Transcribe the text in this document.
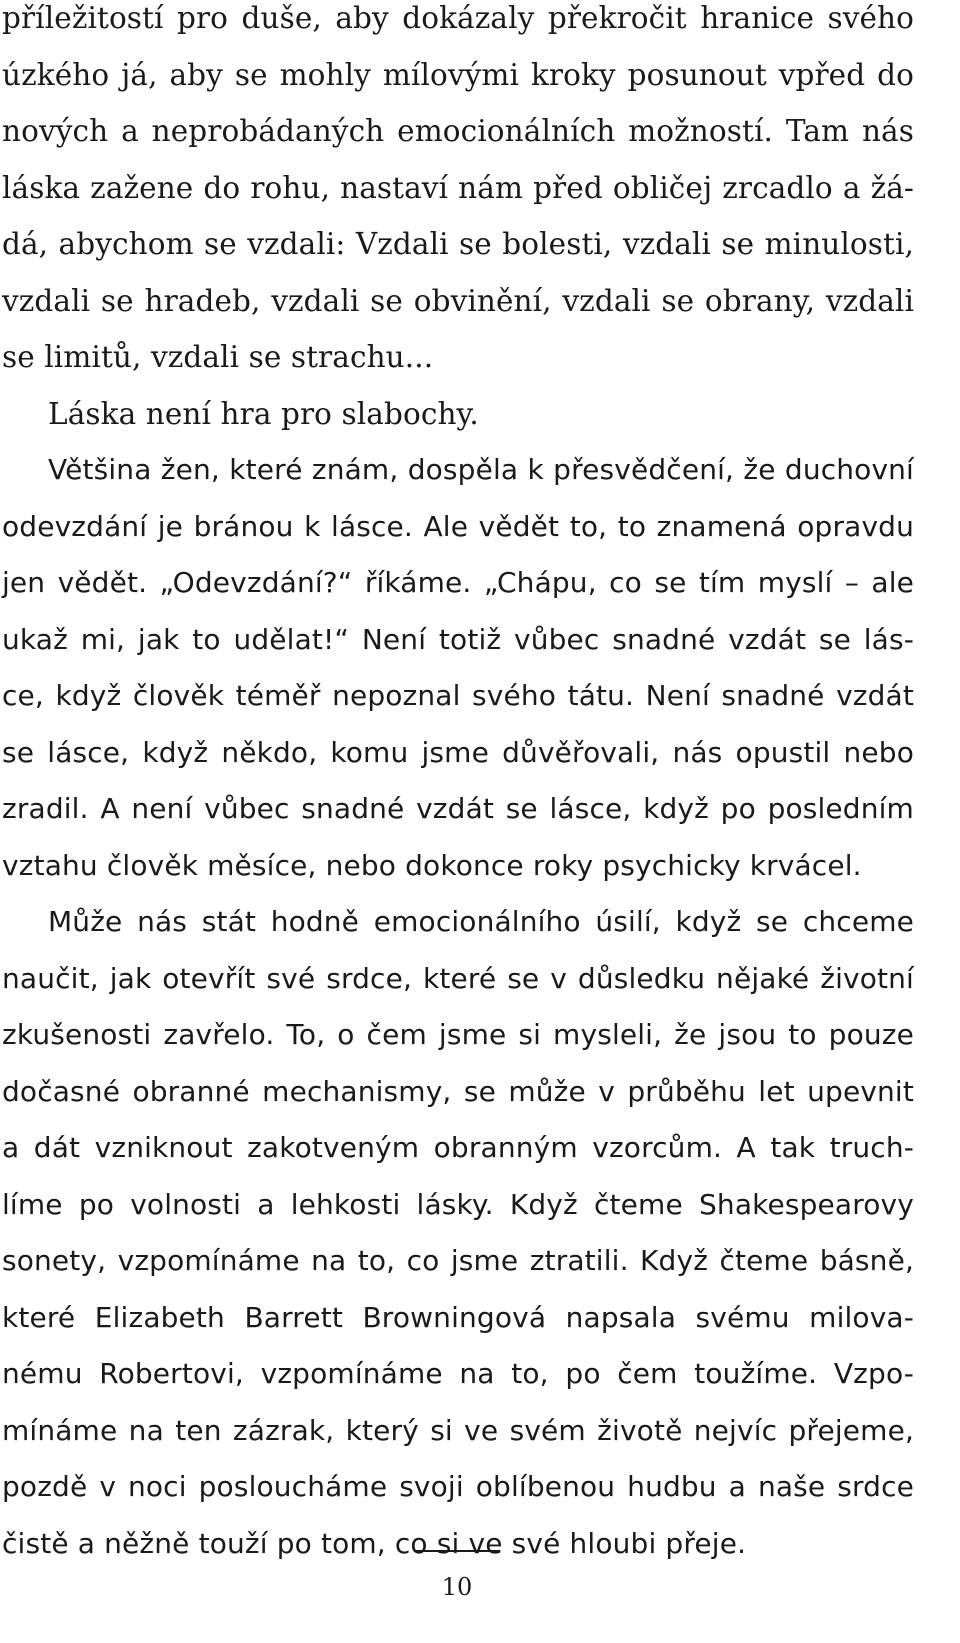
příležitostí pro duše, aby dokázaly překročit hranice svého
úzkého já, aby se mohly mílovými kroky posunout vpřed do
nových a neprobádaných emocionálních možností. Tam nás
láska zažene do rohu, nastaví nám před obličej zrcadlo a žá-
dá, abychom se vzdali: Vzdali se bolesti, vzdali se minulosti,
vzdali se hradeb, vzdali se obvinění, vzdali se obrany, vzdali
se limitů, vzdali se strachu...
Láska není hra pro slabochy.
Většina žen, které znám, dospěla k přesvědčení, že duchovní
odevzdání je bránou k lásce. Ale vědět to, to znamená opravdu
jen vědět. „Odevzdání?“ říkáme. „Chápu, co se tím myslí – ale
ukaž mi, jak to udělat!“ Není totiž vůbec snadné vzdát se lás-
ce, když člověk téměř nepoznal svého tátu. Není snadné vzdát
se lásce, když někdo, komu jsme důvěřovali, nás opustil nebo
zradil. A není vůbec snadné vzdát se lásce, když po posledním
vztahu člověk měsíce, nebo dokonce roky psychicky krvácel.
Může nás stát hodně emocionálního úsilí, když se chceme
naučit, jak otevřít své srdce, které se v důsledku nějaké životní
zkušenosti zavřelo. To, o čem jsme si mysleli, že jsou to pouze
dočasné obranné mechanismy, se může v průběhu let upevnit
a dát vzniknout zakotveným obranným vzorcům. A tak truch-
líme po volnosti a lehkosti lásky. Když čteme Shakespearovy
sonety, vzpomínáme na to, co jsme ztratili. Když čteme básně,
které Elizabeth Barrett Browningová napsala svému milova-
nému Robertovi, vzpomínáme na to, po čem toužíme. Vzpo-
mínáme na ten zázrak, který si ve svém životě nejvíc přejeme,
pozdě v noci posloucháme svoji oblíbenou hudbu a naše srdce
čistě a něžně touží po tom, co si ve své hloubi přeje.
10
